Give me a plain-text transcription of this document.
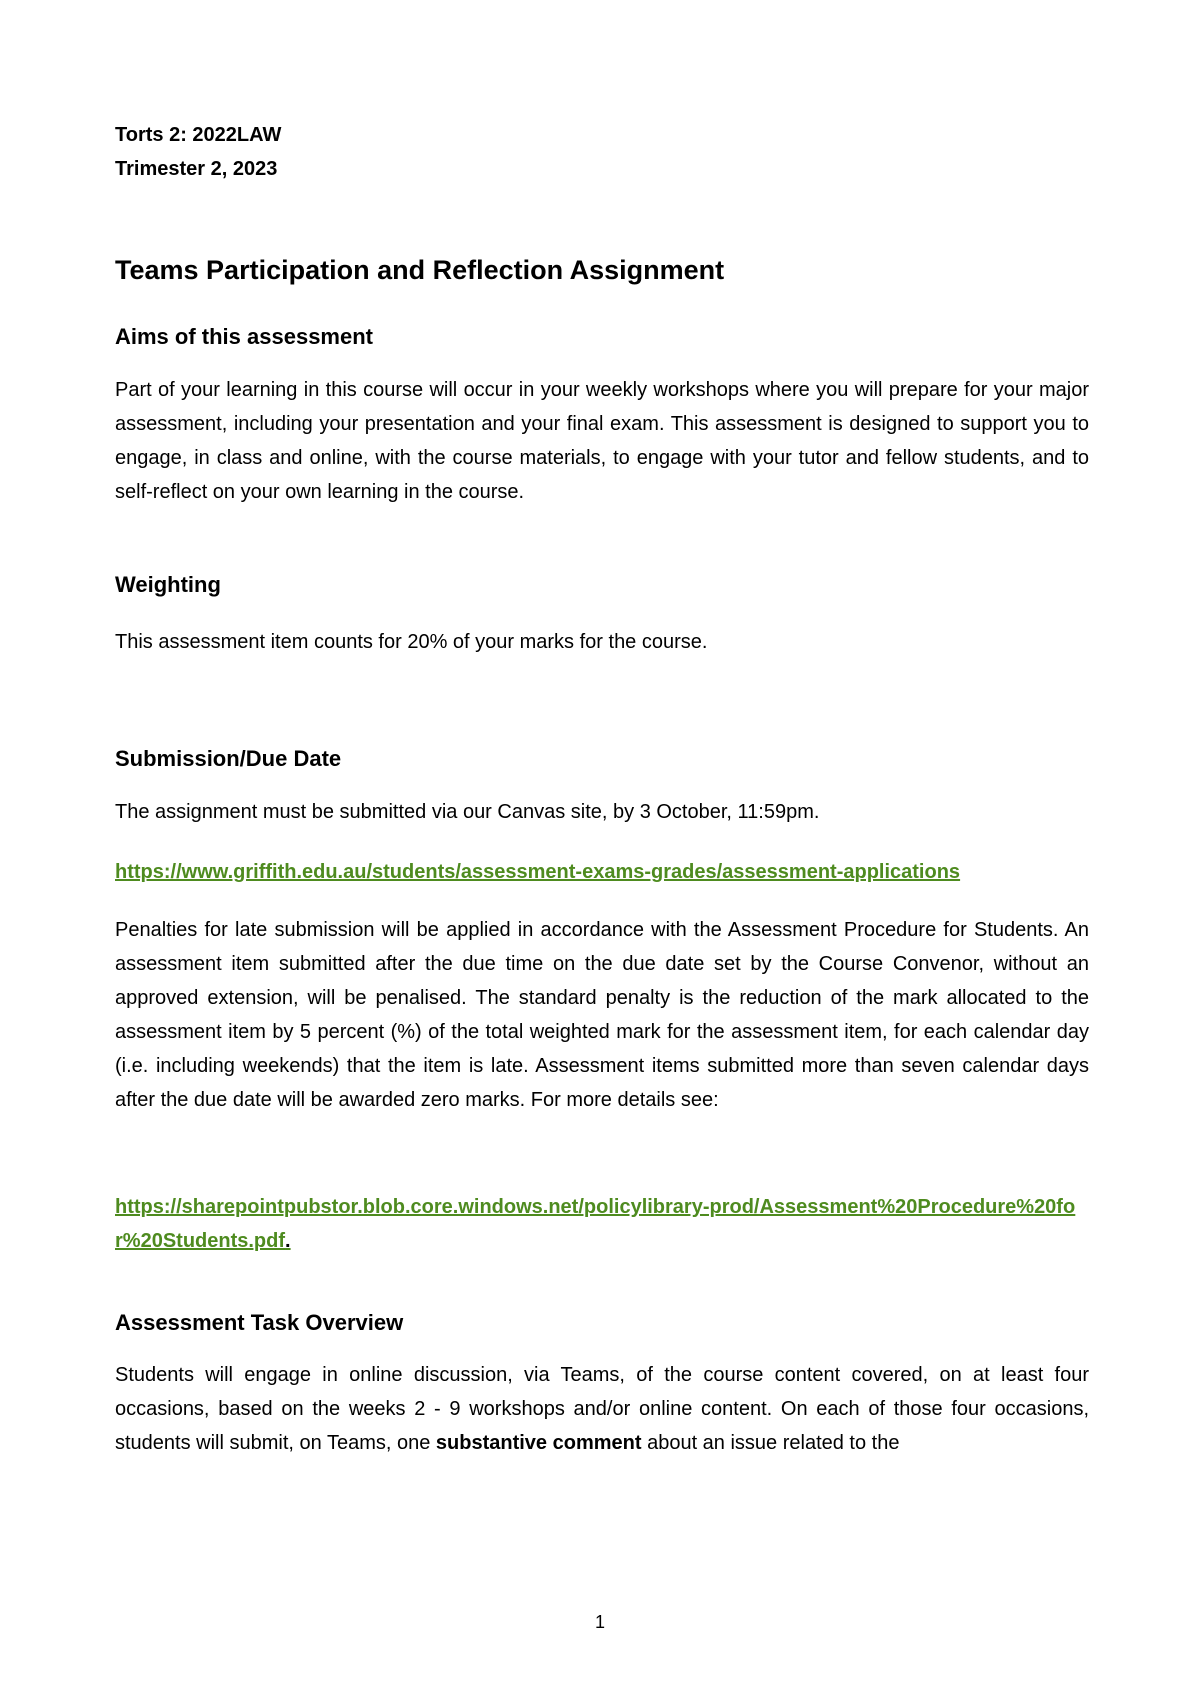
Torts 2: 2022LAW

Trimester 2, 2023

Teams Participation and Reflection Assignment
Aims of this assessment

Part of your learning in this course will occur in your weekly workshops where you will prepare for your major assessment, including your presentation and your final exam. This assessment is designed to support you to engage, in class and online, with the course materials, to engage with your tutor and fellow students, and to self-reflect on your own learning in the course.

Weighting

This assessment item counts for 20% of your marks for the course.

Submission/Due Date

The assignment must be submitted via our Canvas site, by 3 October, 11:59pm.

https://www.griffith.edu.au/students/assessment-exams-grades/assessment-applications

Penalties for late submission will be applied in accordance with the Assessment Procedure for Students. An assessment item submitted after the due time on the due date set by the Course Convenor, without an approved extension, will be penalised. The standard penalty is the reduction of the mark allocated to the assessment item by 5 percent (%) of the total weighted mark for the assessment item, for each calendar day (i.e. including weekends) that the item is late. Assessment items submitted more than seven calendar days after the due date will be awarded zero marks. For more details see:

https://sharepointpubstor.blob.core.windows.net/policylibrary-prod/Assessment%20Procedure%20for%20Students.pdf.

Assessment Task Overview

Students will engage in online discussion, via Teams, of the course content covered, on at least four occasions, based on the weeks 2 - 9 workshops and/or online content. On each of those four occasions, students will submit, on Teams, one substantive comment about an issue related to the

1
